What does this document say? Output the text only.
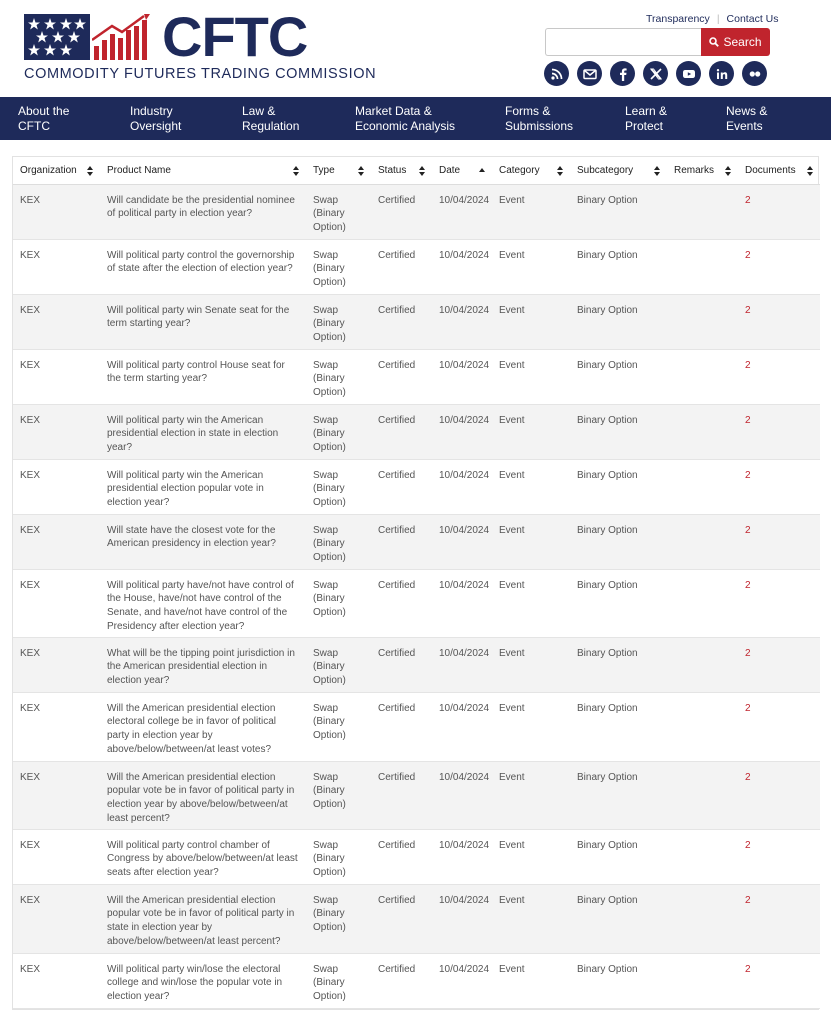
CFTC
COMMODITY FUTURES TRADING COMMISSION
Transparency | Contact Us
Search
About the
CFTC
Industry
Oversight
Law &
Regulation
Market Data &
Economic Analysis
Forms &
Submissions
Learn &
Protect
News &
Events
Organization	Product Name	Type	Status	Date	Category	Subcategory	Remarks	Documents

KEX	Will candidate be the presidential nominee of political party in election year?	Swap (Binary Option)	Certified	10/04/2024	Event	Binary Option		2
KEX	Will political party control the governorship of state after the election of election year?	Swap (Binary Option)	Certified	10/04/2024	Event	Binary Option		2
KEX	Will political party win Senate seat for the term starting year?	Swap (Binary Option)	Certified	10/04/2024	Event	Binary Option		2
KEX	Will political party control House seat for the term starting year?	Swap (Binary Option)	Certified	10/04/2024	Event	Binary Option		2
KEX	Will political party win the American presidential election in state in election year?	Swap (Binary Option)	Certified	10/04/2024	Event	Binary Option		2
KEX	Will political party win the American presidential election popular vote in election year?	Swap (Binary Option)	Certified	10/04/2024	Event	Binary Option		2
KEX	Will state have the closest vote for the American presidency in election year?	Swap (Binary Option)	Certified	10/04/2024	Event	Binary Option		2
KEX	Will political party have/not have control of the House, have/not have control of the Senate, and have/not have control of the Presidency after election year?	Swap (Binary Option)	Certified	10/04/2024	Event	Binary Option		2
KEX	What will be the tipping point jurisdiction in the American presidential election in election year?	Swap (Binary Option)	Certified	10/04/2024	Event	Binary Option		2
KEX	Will the American presidential election electoral college be in favor of political party in election year by above/below/between/at least votes?	Swap (Binary Option)	Certified	10/04/2024	Event	Binary Option		2
KEX	Will the American presidential election popular vote be in favor of political party in election year by above/below/between/at least percent?	Swap (Binary Option)	Certified	10/04/2024	Event	Binary Option		2
KEX	Will political party control chamber of Congress by above/below/between/at least seats after election year?	Swap (Binary Option)	Certified	10/04/2024	Event	Binary Option		2
KEX	Will the American presidential election popular vote be in favor of political party in state in election year by above/below/between/at least percent?	Swap (Binary Option)	Certified	10/04/2024	Event	Binary Option		2
KEX	Will political party win/lose the electoral college and win/lose the popular vote in election year?	Swap (Binary Option)	Certified	10/04/2024	Event	Binary Option		2
